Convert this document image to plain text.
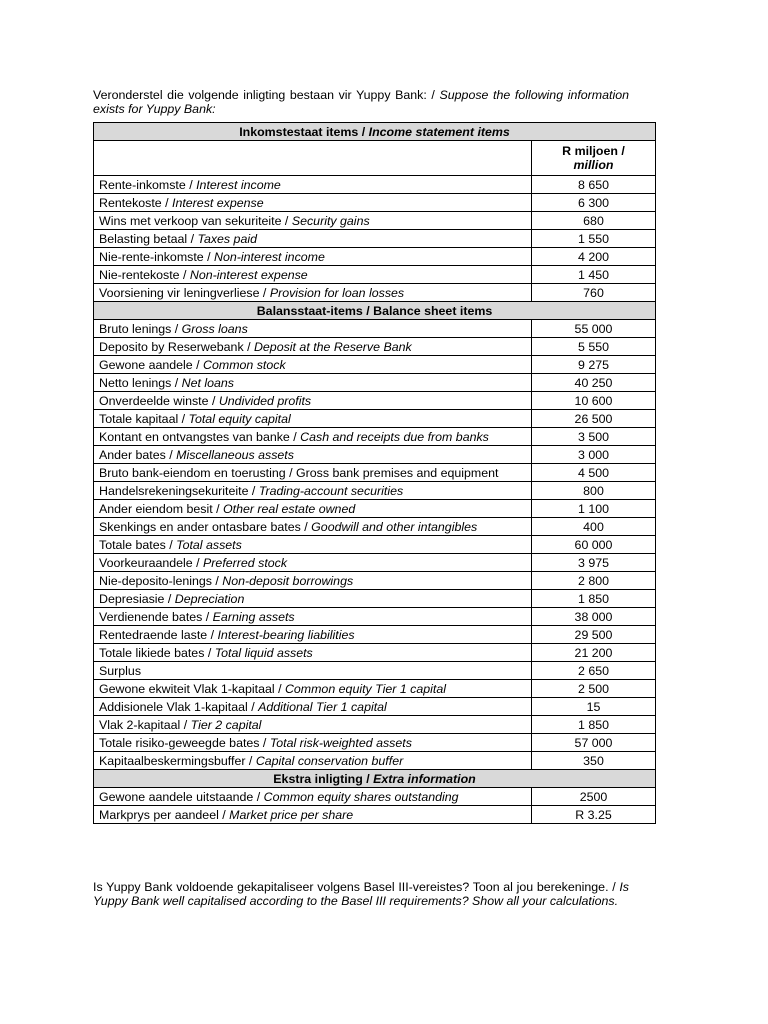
Veronderstel die volgende inligting bestaan vir Yuppy Bank: / Suppose the following information exists for Yuppy Bank:

Inkomstestaat items / Income statement items	
	R miljoen /
million
Rente-inkomste / Interest income	8 650
Rentekoste / Interest expense	6 300
Wins met verkoop van sekuriteite / Security gains	680
Belasting betaal / Taxes paid	1 550
Nie-rente-inkomste / Non-interest income	4 200
Nie-rentekoste / Non-interest expense	1 450
Voorsiening vir leningverliese / Provision for loan losses	760
Balansstaat-items / Balance sheet items	
Bruto lenings / Gross loans	55 000
Deposito by Reserwebank / Deposit at the Reserve Bank	5 550
Gewone aandele / Common stock	9 275
Netto lenings / Net loans	40 250
Onverdeelde winste / Undivided profits	10 600
Totale kapitaal / Total equity capital	26 500
Kontant en ontvangstes van banke / Cash and receipts due from banks	3 500
Ander bates / Miscellaneous assets	3 000
Bruto bank-eiendom en toerusting / Gross bank premises and equipment	4 500
Handelsrekeningsekuriteite / Trading-account securities	800
Ander eiendom besit / Other real estate owned	1 100
Skenkings en ander ontasbare bates / Goodwill and other intangibles	400
Totale bates / Total assets	60 000
Voorkeuraandele / Preferred stock	3 975
Nie-deposito-lenings / Non-deposit borrowings	2 800
Depresiasie / Depreciation	1 850
Verdienende bates / Earning assets	38 000
Rentedraende laste / Interest-bearing liabilities	29 500
Totale likiede bates / Total liquid assets	21 200
Surplus	2 650
Gewone ekwiteit Vlak 1-kapitaal / Common equity Tier 1 capital	2 500
Addisionele Vlak 1-kapitaal / Additional Tier 1 capital	15
Vlak 2-kapitaal / Tier 2 capital	1 850
Totale risiko-geweegde bates / Total risk-weighted assets	57 000
Kapitaalbeskermingsbuffer / Capital conservation buffer	350
Ekstra inligting / Extra information	
Gewone aandele uitstaande / Common equity shares outstanding	2500
Markprys per aandeel / Market price per share	R 3.25

Is Yuppy Bank voldoende gekapitaliseer volgens Basel III-vereistes? Toon al jou berekeninge. / Is Yuppy Bank well capitalised according to the Basel III requirements? Show all your calculations.
